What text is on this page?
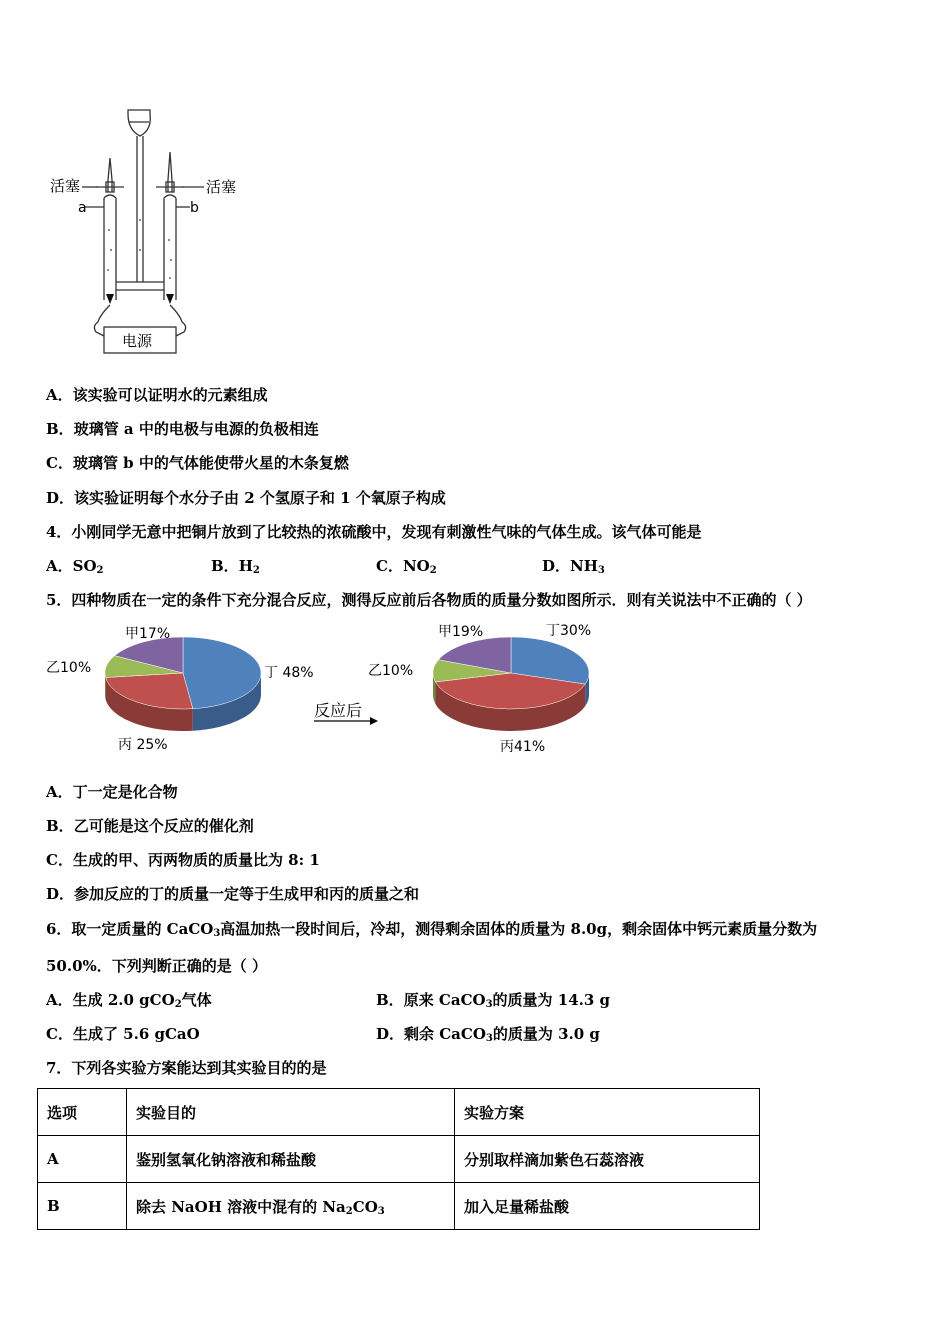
活塞	活塞
a	b
电源
A．该实验可以证明水的元素组成
B．玻璃管 a 中的电极与电源的负极相连
C．玻璃管 b 中的气体能使带火星的木条复燃
D．该实验证明每个水分子由 2 个氢原子和 1 个氧原子构成
4．小刚同学无意中把铜片放到了比较热的浓硫酸中，发现有刺激性气味的气体生成。该气体可能是
A．$SO_2$	B．$H_2$	C．$NO_2$	D．$NH_3$
5．四种物质在一定的条件下充分混合反应，测得反应前后各物质的质量分数如图所示．则有关说法中不正确的（ ）
反应后
甲17%
乙10%
丙 25%
丁 48%
甲19%
乙10%
丙41%
丁30%
A．丁一定是化合物
B．乙可能是这个反应的催化剂
C．生成的甲、丙两物质的质量比为 8: 1
D．参加反应的丁的质量一定等于生成甲和丙的质量之和
6．取一定质量的 CaCO$_3$高温加热一段时间后，冷却，测得剩余固体的质量为 8.0g，剩余固体中钙元素质量分数为
50.0%．下列判断正确的是（ ）
A．生成 2.0 gCO$_2$气体	B．原来 CaCO$_3$的质量为 14.3 g
C．生成了 5.6 gCaO	D．剩余 CaCO$_3$的质量为 3.0 g
7．下列各实验方案能达到其实验目的的是
选项	实验目的	实验方案
A	鉴别氢氧化钠溶液和稀盐酸	分别取样滴加紫色石蕊溶液
B	除去 NaOH 溶液中混有的 $Na_2CO_3$	加入足量稀盐酸
